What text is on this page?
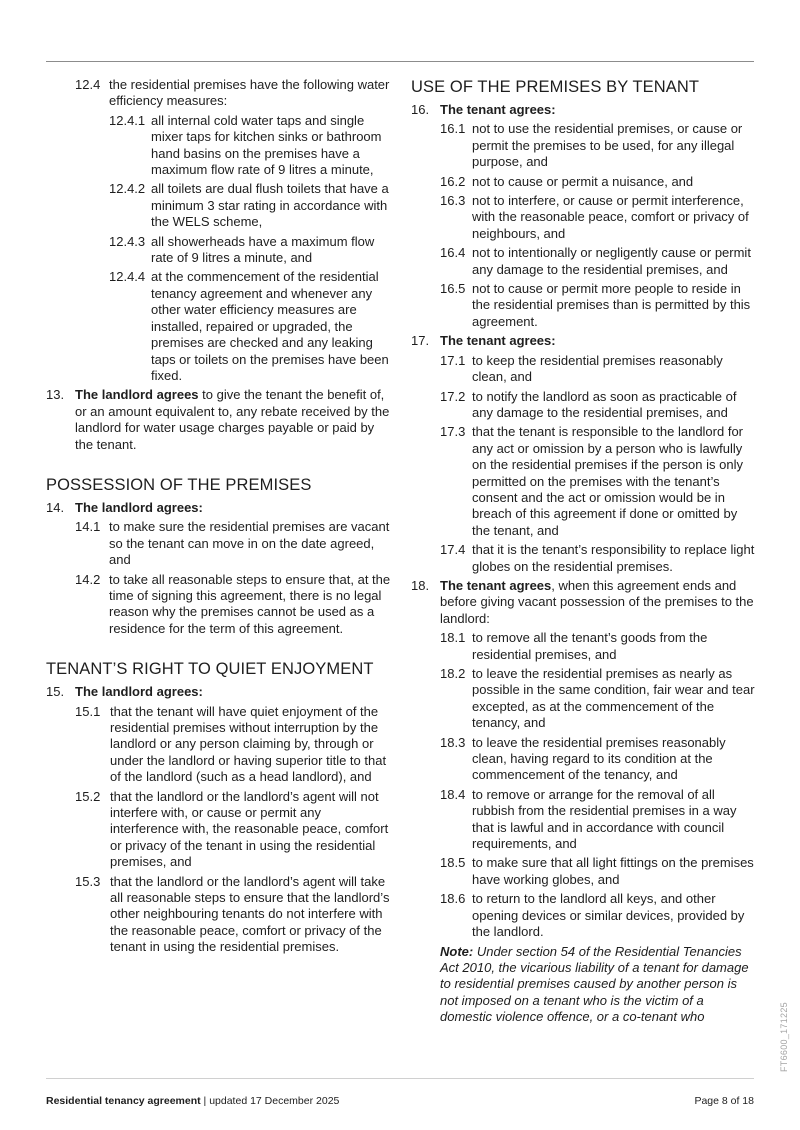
12.4 the residential premises have the following water efficiency measures:
12.4.1 all internal cold water taps and single mixer taps for kitchen sinks or bathroom hand basins on the premises have a maximum flow rate of 9 litres a minute,
12.4.2 all toilets are dual flush toilets that have a minimum 3 star rating in accordance with the WELS scheme,
12.4.3 all showerheads have a maximum flow rate of 9 litres a minute, and
12.4.4 at the commencement of the residential tenancy agreement and whenever any other water efficiency measures are installed, repaired or upgraded, the premises are checked and any leaking taps or toilets on the premises have been fixed.
13. The landlord agrees to give the tenant the benefit of, or an amount equivalent to, any rebate received by the landlord for water usage charges payable or paid by the tenant.
POSSESSION OF THE PREMISES
14. The landlord agrees:
14.1 to make sure the residential premises are vacant so the tenant can move in on the date agreed, and
14.2 to take all reasonable steps to ensure that, at the time of signing this agreement, there is no legal reason why the premises cannot be used as a residence for the term of this agreement.
TENANT’S RIGHT TO QUIET ENJOYMENT
15. The landlord agrees:
15.1 that the tenant will have quiet enjoyment of the residential premises without interruption by the landlord or any person claiming by, through or under the landlord or having superior title to that of the landlord (such as a head landlord), and
15.2 that the landlord or the landlord’s agent will not interfere with, or cause or permit any interference with, the reasonable peace, comfort or privacy of the tenant in using the residential premises, and
15.3 that the landlord or the landlord’s agent will take all reasonable steps to ensure that the landlord’s other neighbouring tenants do not interfere with the reasonable peace, comfort or privacy of the tenant in using the residential premises.
USE OF THE PREMISES BY TENANT
16. The tenant agrees:
16.1 not to use the residential premises, or cause or permit the premises to be used, for any illegal purpose, and
16.2 not to cause or permit a nuisance, and
16.3 not to interfere, or cause or permit interference, with the reasonable peace, comfort or privacy of neighbours, and
16.4 not to intentionally or negligently cause or permit any damage to the residential premises, and
16.5 not to cause or permit more people to reside in the residential premises than is permitted by this agreement.
17. The tenant agrees:
17.1 to keep the residential premises reasonably clean, and
17.2 to notify the landlord as soon as practicable of any damage to the residential premises, and
17.3 that the tenant is responsible to the landlord for any act or omission by a person who is lawfully on the residential premises if the person is only permitted on the premises with the tenant’s consent and the act or omission would be in breach of this agreement if done or omitted by the tenant, and
17.4 that it is the tenant’s responsibility to replace light globes on the residential premises.
18. The tenant agrees, when this agreement ends and before giving vacant possession of the premises to the landlord:
18.1 to remove all the tenant’s goods from the residential premises, and
18.2 to leave the residential premises as nearly as possible in the same condition, fair wear and tear excepted, as at the commencement of the tenancy, and
18.3 to leave the residential premises reasonably clean, having regard to its condition at the commencement of the tenancy, and
18.4 to remove or arrange for the removal of all rubbish from the residential premises in a way that is lawful and in accordance with council requirements, and
18.5 to make sure that all light fittings on the premises have working globes, and
18.6 to return to the landlord all keys, and other opening devices or similar devices, provided by the landlord.
Note: Under section 54 of the Residential Tenancies Act 2010, the vicarious liability of a tenant for damage to residential premises caused by another person is not imposed on a tenant who is the victim of a domestic violence offence, or a co-tenant who
Residential tenancy agreement | updated 17 December 2025	Page 8 of 18
FT6600_171225
